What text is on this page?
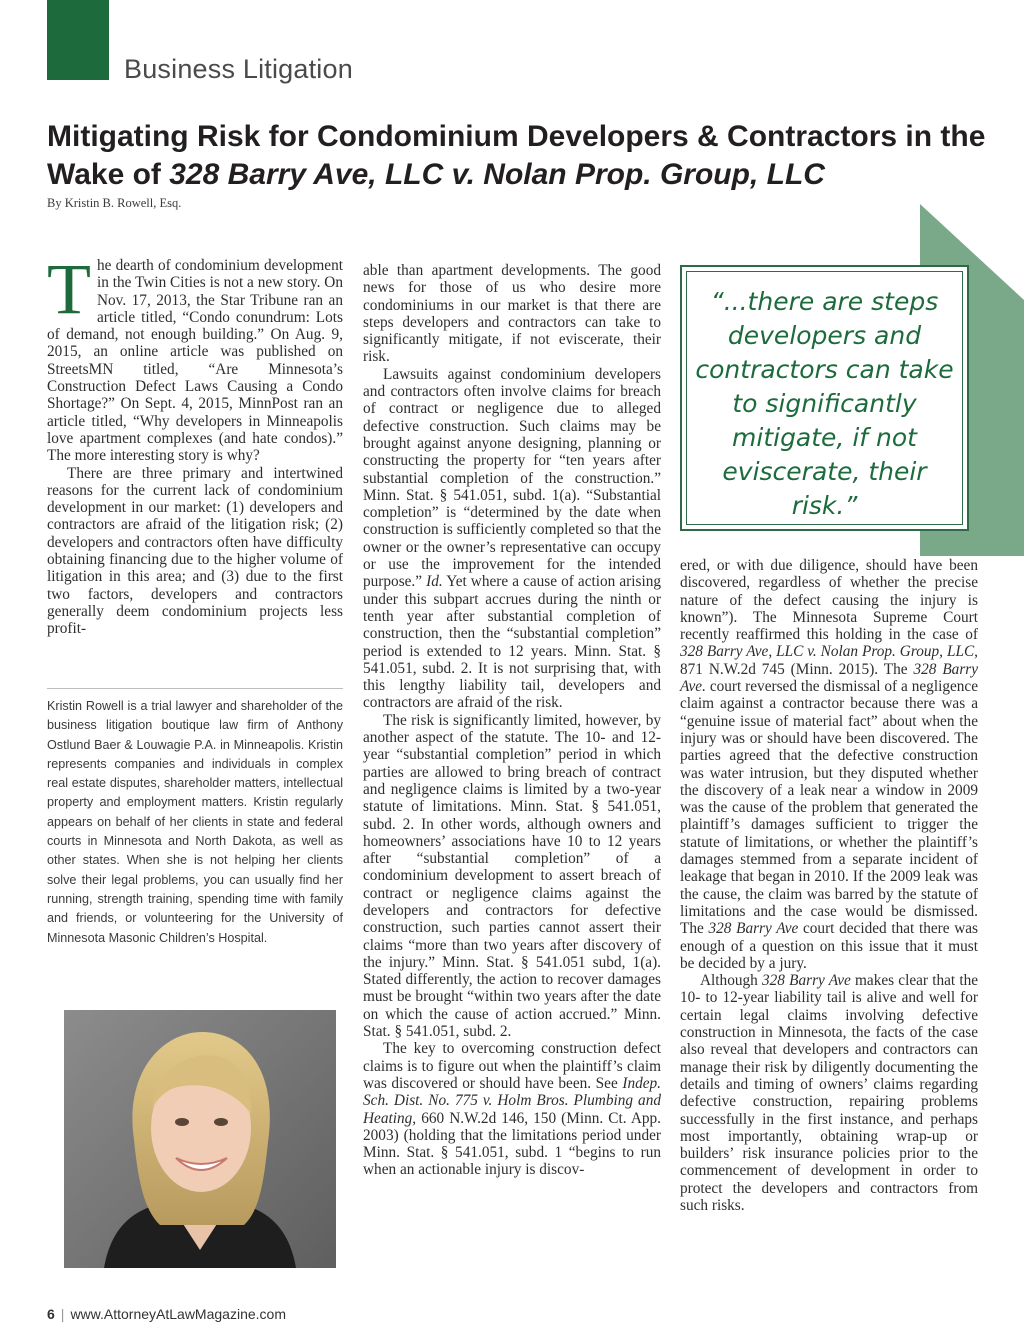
Business Litigation
Mitigating Risk for Condominium Developers & Contractors in the Wake of 328 Barry Ave, LLC v. Nolan Prop. Group, LLC
By Kristin B. Rowell, Esq.

The dearth of condominium development in the Twin Cities is not a new story. On Nov. 17, 2013, the Star Tribune ran an article titled, “Condo conundrum: Lots of demand, not enough building.” On Aug. 9, 2015, an online article was published on StreetsMN titled, “Are Minnesota’s Construction Defect Laws Causing a Condo Shortage?” On Sept. 4, 2015, MinnPost ran an article titled, “Why developers in Minneapolis love apartment complexes (and hate condos).” The more interesting story is why?

There are three primary and intertwined reasons for the current lack of condominium development in our market: (1) developers and contractors are afraid of the litigation risk; (2) developers and contractors often have difficulty obtaining financing due to the higher volume of litigation in this area; and (3) due to the first two factors, developers and contractors generally deem condominium projects less profit-

Kristin Rowell is a trial lawyer and shareholder of the business litigation boutique law firm of Anthony Ostlund Baer & Louwagie P.A. in Minneapolis. Kristin represents companies and individuals in complex real estate disputes, shareholder matters, intellectual property and employment matters. Kristin regularly appears on behalf of her clients in state and federal courts in Minnesota and North Dakota, as well as other states. When she is not helping her clients solve their legal problems, you can usually find her running, strength training, spending time with family and friends, or volunteering for the University of Minnesota Masonic Children’s Hospital.

able than apartment developments. The good news for those of us who desire more condominiums in our market is that there are steps developers and contractors can take to significantly mitigate, if not eviscerate, their risk.

Lawsuits against condominium developers and contractors often involve claims for breach of contract or negligence due to alleged defective construction. Such claims may be brought against anyone designing, planning or constructing the property for “ten years after substantial completion of the construction.” Minn. Stat. § 541.051, subd. 1(a). “Substantial completion” is “determined by the date when construction is sufficiently completed so that the owner or the owner’s representative can occupy or use the improvement for the intended purpose.” Id. Yet where a cause of action arising under this subpart accrues during the ninth or tenth year after substantial completion of construction, then the “substantial completion” period is extended to 12 years. Minn. Stat. § 541.051, subd. 2. It is not surprising that, with this lengthy liability tail, developers and contractors are afraid of the risk.

The risk is significantly limited, however, by another aspect of the statute. The 10- and 12-year “substantial completion” period in which parties are allowed to bring breach of contract and negligence claims is limited by a two-year statute of limitations. Minn. Stat. § 541.051, subd. 2. In other words, although owners and homeowners’ associations have 10 to 12 years after “substantial completion” of a condominium development to assert breach of contract or negligence claims against the developers and contractors for defective construction, such parties cannot assert their claims “more than two years after discovery of the injury.” Minn. Stat. § 541.051 subd, 1(a). Stated differently, the action to recover damages must be brought “within two years after the date on which the cause of action accrued.” Minn. Stat. § 541.051, subd. 2.

The key to overcoming construction defect claims is to figure out when the plaintiff’s claim was discovered or should have been. See Indep. Sch. Dist. No. 775 v. Holm Bros. Plumbing and Heating, 660 N.W.2d 146, 150 (Minn. Ct. App. 2003) (holding that the limitations period under Minn. Stat. § 541.051, subd. 1 “begins to run when an actionable injury is discov-

“...there are steps developers and contractors can take to significantly mitigate, if not eviscerate, their risk.”

ered, or with due diligence, should have been discovered, regardless of whether the precise nature of the defect causing the injury is known”). The Minnesota Supreme Court recently reaffirmed this holding in the case of 328 Barry Ave, LLC v. Nolan Prop. Group, LLC, 871 N.W.2d 745 (Minn. 2015). The 328 Barry Ave. court reversed the dismissal of a negligence claim against a contractor because there was a “genuine issue of material fact” about when the injury was or should have been discovered. The parties agreed that the defective construction was water intrusion, but they disputed whether the discovery of a leak near a window in 2009 was the cause of the problem that generated the plaintiff’s damages sufficient to trigger the statute of limitations, or whether the plaintiff’s damages stemmed from a separate incident of leakage that began in 2010. If the 2009 leak was the cause, the claim was barred by the statute of limitations and the case would be dismissed. The 328 Barry Ave court decided that there was enough of a question on this issue that it must be decided by a jury.

Although 328 Barry Ave makes clear that the 10- to 12-year liability tail is alive and well for certain legal claims involving defective construction in Minnesota, the facts of the case also reveal that developers and contractors can manage their risk by diligently documenting the details and timing of owners’ claims regarding defective construction, repairing problems successfully in the first instance, and perhaps most importantly, obtaining wrap-up or builders’ risk insurance policies prior to the commencement of development in order to protect the developers and contractors from such risks.

6 | www.AttorneyAtLawMagazine.com
